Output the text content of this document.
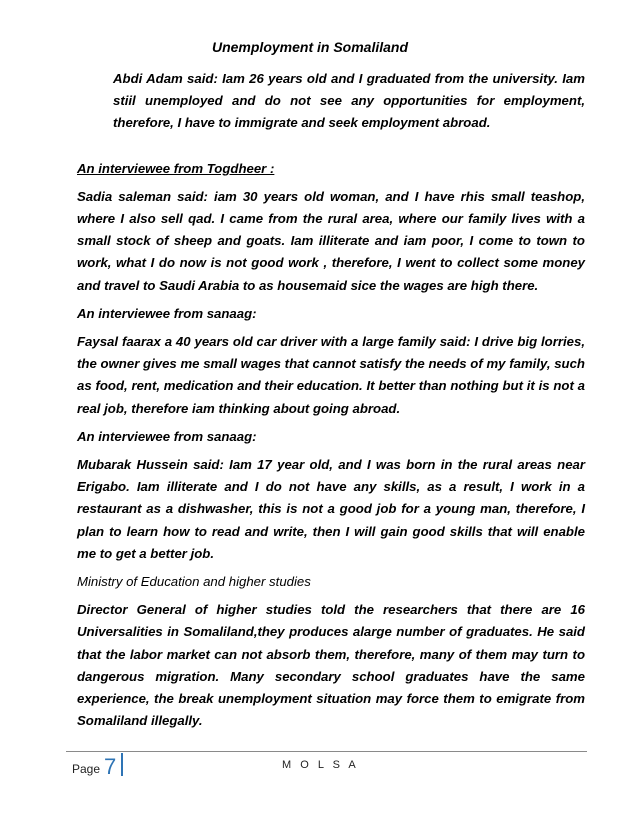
Unemployment in Somaliland

Abdi Adam said: Iam 26 years old and I graduated from the university. Iam stiil unemployed and do not see any opportunities for employment, therefore, I have to immigrate and seek employment abroad.

An interviewee from Togdheer :

Sadia saleman said: iam 30 years old woman, and I have rhis small teashop, where I also sell qad. I came from the rural area, where our family lives with a small stock of sheep and goats. Iam illiterate and iam poor, I come to town to work, what I do now is not good work , therefore, I went to collect some money and travel to Saudi Arabia to as housemaid sice the wages are high there.

An interviewee from sanaag:

Faysal faarax a 40 years old car driver with a large family said: I drive big lorries, the owner gives me small wages that cannot satisfy the needs of my family, such as food, rent, medication and their education. It better than nothing but it is not a real job, therefore iam thinking about going abroad.

An interviewee from sanaag:

Mubarak Hussein said: Iam 17 year old, and I was born in the rural areas near Erigabo. Iam illiterate and I do not have any skills, as a result, I work in a restaurant as a dishwasher, this is not a good job for a young man, therefore, I plan to learn how to read and write, then I will gain good skills that will enable me to get a better job.

Ministry of Education and higher studies

Director General of higher studies told the researchers that there are 16 Universalities in Somaliland,they produces alarge number of graduates. He said that the labor market can not absorb them, therefore, many of them may turn to dangerous migration. Many secondary school graduates have the same experience, the break unemployment situation may force them to emigrate from Somaliland illegally.

Page 7	M O L S A
